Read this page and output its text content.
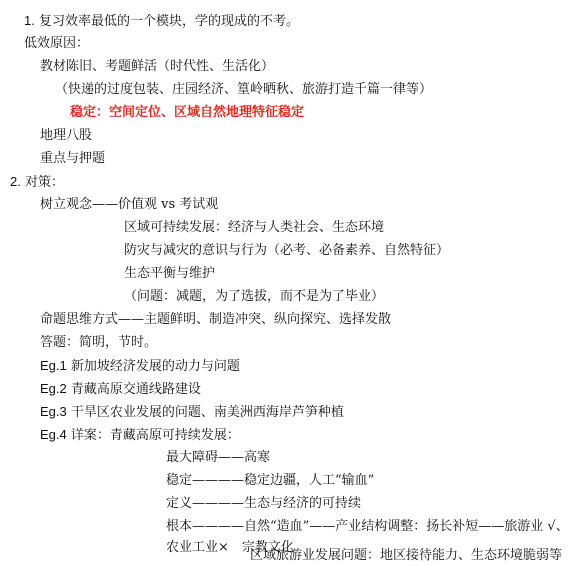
1. 复习效率最低的一个模块，学的现成的不考。
低效原因：
教材陈旧、考题鲜活（时代性、生活化）
（快递的过度包装、庄园经济、篁岭晒秋、旅游打造千篇一律等）
稳定：空间定位、区域自然地理特征稳定
地理八股
重点与押题
2. 对策：
树立观念——价值观 vs 考试观
区域可持续发展：经济与人类社会、生态环境
防灾与减灾的意识与行为（必考、必备素养、自然特征）
生态平衡与维护
（问题：减题，为了选拔，而不是为了毕业）
命题思维方式——主题鲜明、制造冲突、纵向探究、选择发散
答题：简明，节时。
Eg.1 新加坡经济发展的动力与问题
Eg.2 青藏高原交通线路建设
Eg.3 干旱区农业发展的问题、南美洲西海岸芦笋种植
Eg.4 详案：青藏高原可持续发展：
最大障碍——高寒
稳定————稳定边疆，人工“输血”
定义————生态与经济的可持续
根本————自然“造血”——产业结构调整：扬长补短——旅游业 √、农业工业×　宗教文化
区域旅游业发展问题：地区接待能力、生态环境脆弱等
